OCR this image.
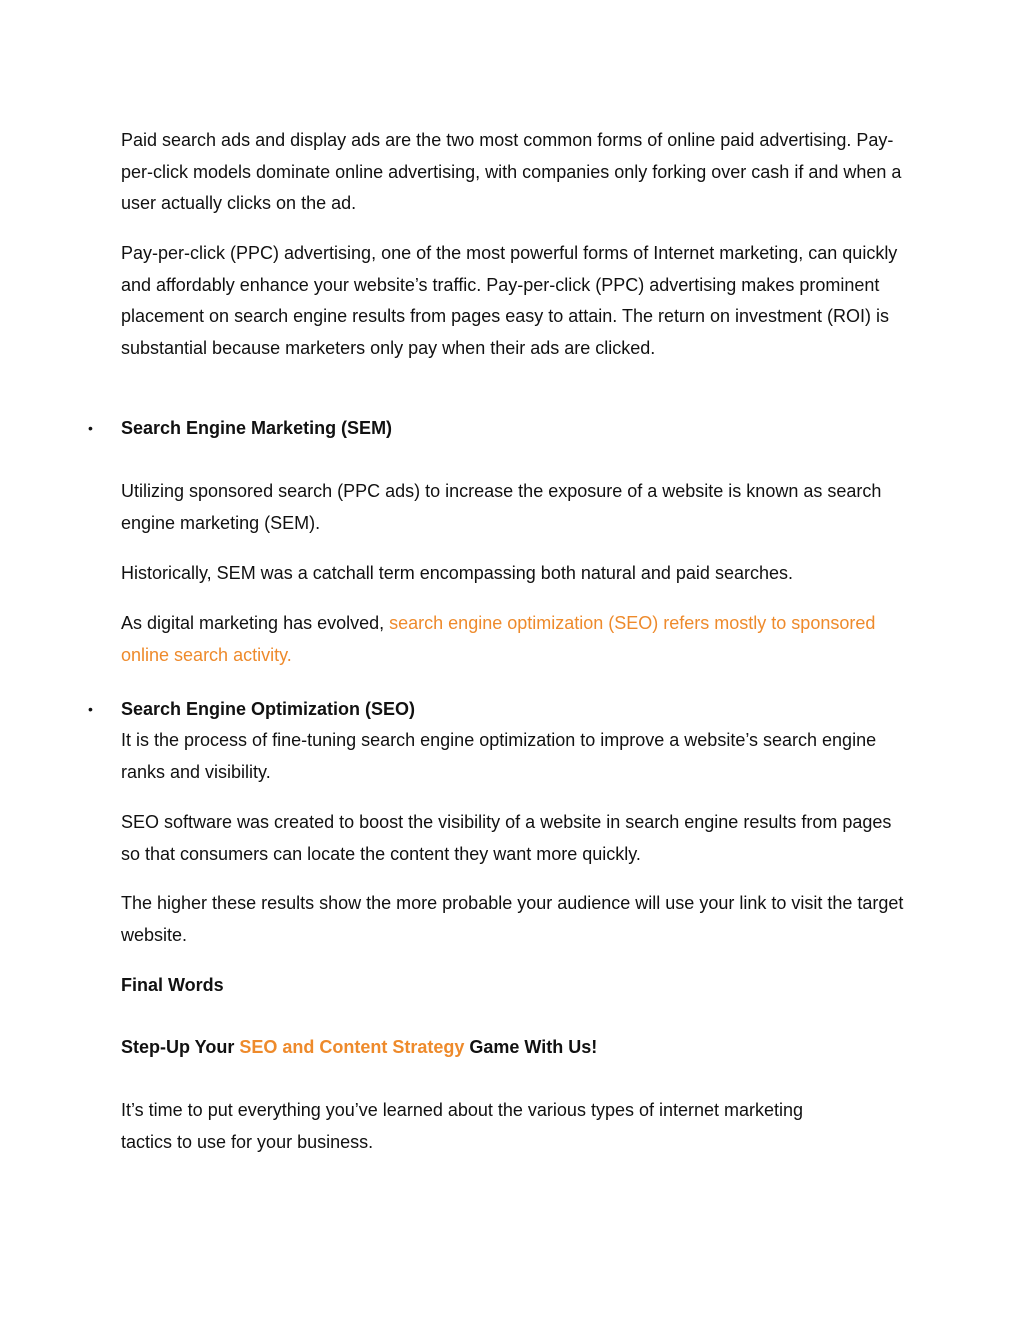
Paid search ads and display ads are the two most common forms of online paid advertising. Pay-per-click models dominate online advertising, with companies only forking over cash if and when a user actually clicks on the ad.

Pay-per-click (PPC) advertising, one of the most powerful forms of Internet marketing, can quickly and affordably enhance your website’s traffic. Pay-per-click (PPC) advertising makes prominent placement on search engine results from pages easy to attain. The return on investment (ROI) is substantial because marketers only pay when their ads are clicked.

• Search Engine Marketing (SEM)

Utilizing sponsored search (PPC ads) to increase the exposure of a website is known as search engine marketing (SEM).

Historically, SEM was a catchall term encompassing both natural and paid searches.

As digital marketing has evolved, search engine optimization (SEO) refers mostly to sponsored online search activity.

• Search Engine Optimization (SEO)

It is the process of fine-tuning search engine optimization to improve a website’s search engine ranks and visibility.

SEO software was created to boost the visibility of a website in search engine results from pages so that consumers can locate the content they want more quickly.

The higher these results show the more probable your audience will use your link to visit the target website.

Final Words

Step-Up Your SEO and Content Strategy Game With Us!

It’s time to put everything you’ve learned about the various types of internet marketing tactics to use for your business.
